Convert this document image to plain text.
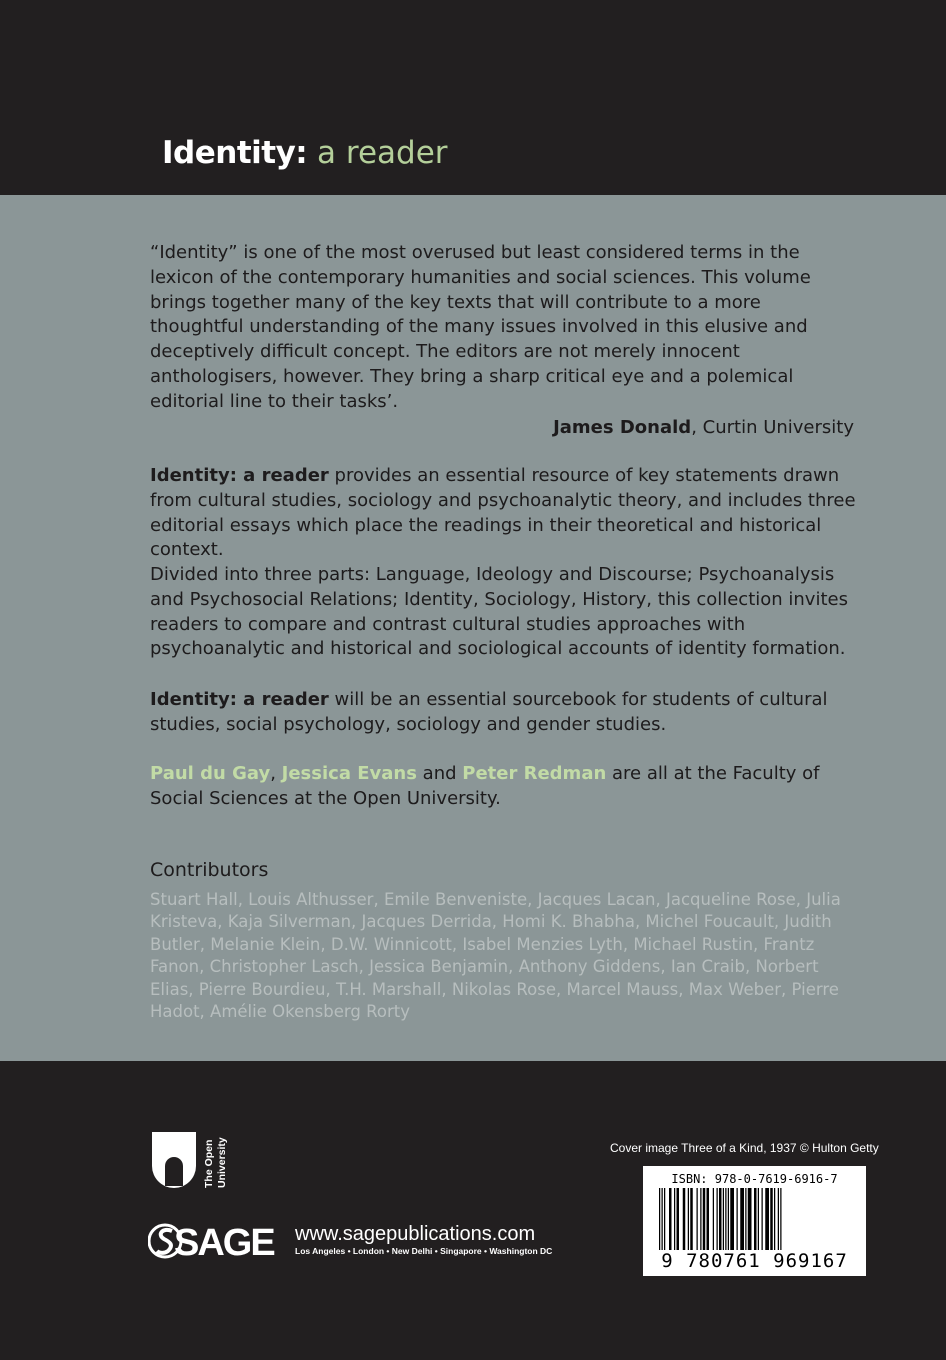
Identity: a reader
“Identity” is one of the most overused but least considered terms in the lexicon of the contemporary humanities and social sciences. This volume brings together many of the key texts that will contribute to a more thoughtful understanding of the many issues involved in this elusive and deceptively difficult concept. The editors are not merely innocent anthologisers, however. They bring a sharp critical eye and a polemical editorial line to their tasks’.
James Donald, Curtin University
Identity: a reader provides an essential resource of key statements drawn from cultural studies, sociology and psychoanalytic theory, and includes three editorial essays which place the readings in their theoretical and historical context.
Divided into three parts: Language, Ideology and Discourse; Psychoanalysis and Psychosocial Relations; Identity, Sociology, History, this collection invites readers to compare and contrast cultural studies approaches with psychoanalytic and historical and sociological accounts of identity formation.
Identity: a reader will be an essential sourcebook for students of cultural studies, social psychology, sociology and gender studies.
Paul du Gay, Jessica Evans and Peter Redman are all at the Faculty of Social Sciences at the Open University.
Contributors
Stuart Hall, Louis Althusser, Emile Benveniste, Jacques Lacan, Jacqueline Rose, Julia Kristeva, Kaja Silverman, Jacques Derrida, Homi K. Bhabha, Michel Foucault, Judith Butler, Melanie Klein, D.W. Winnicott, Isabel Menzies Lyth, Michael Rustin, Frantz Fanon, Christopher Lasch, Jessica Benjamin, Anthony Giddens, Ian Craib, Norbert Elias, Pierre Bourdieu, T.H. Marshall, Nikolas Rose, Marcel Mauss, Max Weber, Pierre Hadot, Amélie Okensberg Rorty
The Open University
SAGE www.sagepublications.com
Los Angeles • London • New Delhi • Singapore • Washington DC
Cover image Three of a Kind, 1937 © Hulton Getty
ISBN: 978-0-7619-6916-7
9 780761 969167
